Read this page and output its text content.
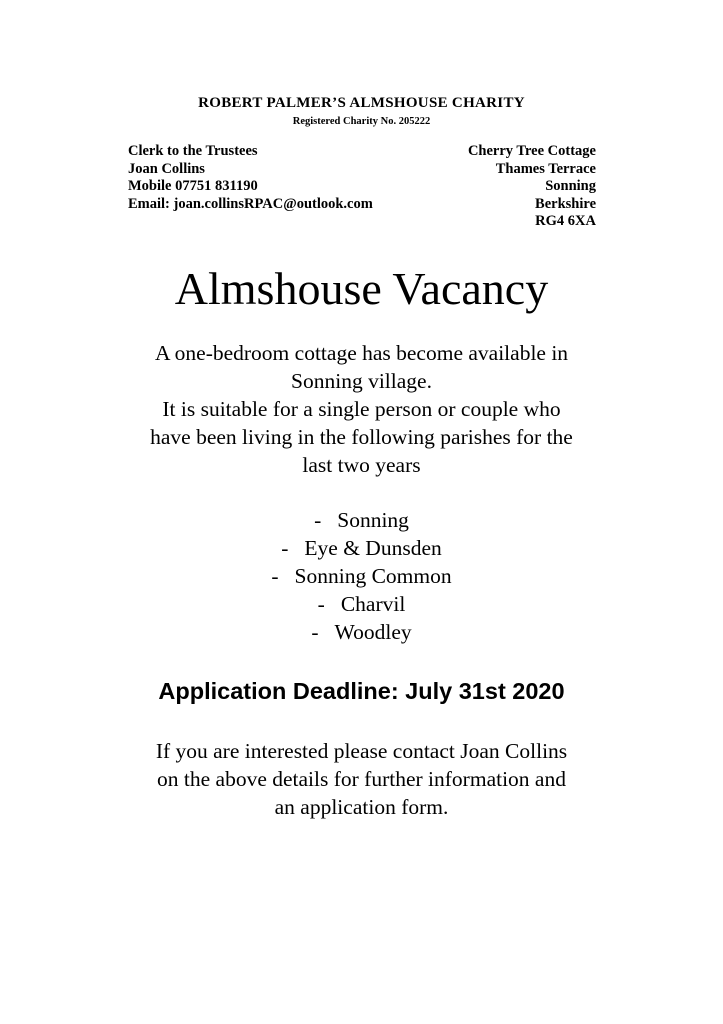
ROBERT PALMER’S ALMSHOUSE CHARITY
Registered Charity No. 205222
Clerk to the Trustees
Joan Collins
Mobile 07751 831190
Email: joan.collinsRPAC@outlook.com
Cherry Tree Cottage
Thames Terrace
Sonning
Berkshire
RG4 6XA
Almshouse Vacancy
A one-bedroom cottage has become available in
Sonning village.
It is suitable for a single person or couple who
have been living in the following parishes for the
last two years
- Sonning
- Eye & Dunsden
- Sonning Common
- Charvil
- Woodley
Application Deadline: July 31st 2020
If you are interested please contact Joan Collins
on the above details for further information and
an application form.
